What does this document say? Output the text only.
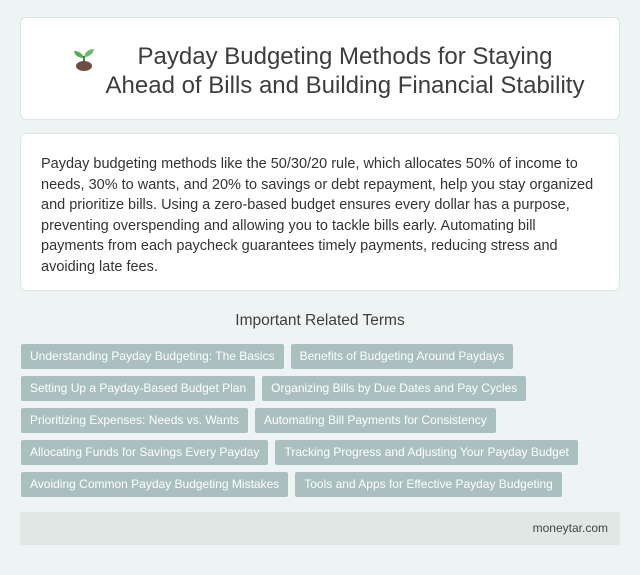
Payday Budgeting Methods for Staying Ahead of Bills and Building Financial Stability

Payday budgeting methods like the 50/30/20 rule, which allocates 50% of income to needs, 30% to wants, and 20% to savings or debt repayment, help you stay organized and prioritize bills. Using a zero-based budget ensures every dollar has a purpose, preventing overspending and allowing you to tackle bills early. Automating bill payments from each paycheck guarantees timely payments, reducing stress and avoiding late fees.

Important Related Terms
Understanding Payday Budgeting: The Basics	Benefits of Budgeting Around Paydays
Setting Up a Payday-Based Budget Plan	Organizing Bills by Due Dates and Pay Cycles
Prioritizing Expenses: Needs vs. Wants	Automating Bill Payments for Consistency
Allocating Funds for Savings Every Payday	Tracking Progress and Adjusting Your Payday Budget
Avoiding Common Payday Budgeting Mistakes	Tools and Apps for Effective Payday Budgeting
moneytar.com
